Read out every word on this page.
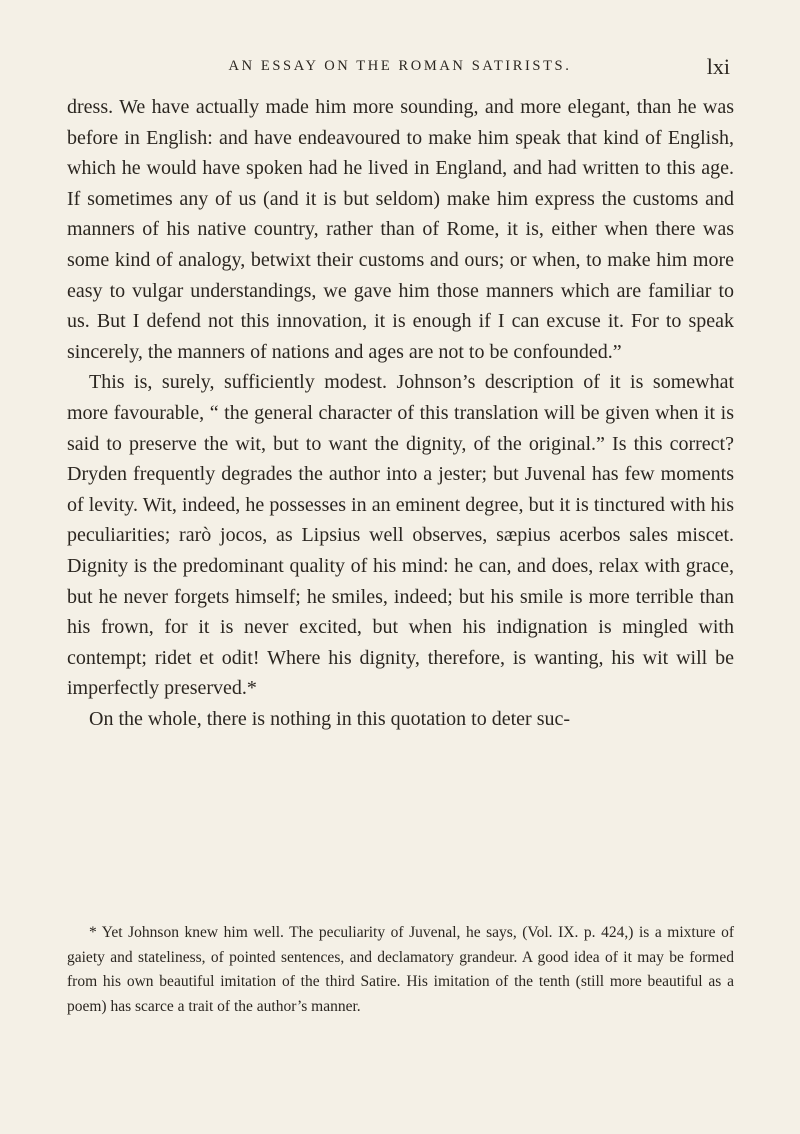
AN ESSAY ON THE ROMAN SATIRISTS.	lxi

dress. We have actually made him more sounding, and more elegant, than he was before in English: and have endeavoured to make him speak that kind of English, which he would have spoken had he lived in England, and had written to this age. If sometimes any of us (and it is but seldom) make him express the customs and manners of his native country, rather than of Rome, it is, either when there was some kind of analogy, betwixt their customs and ours; or when, to make him more easy to vulgar understandings, we gave him those manners which are familiar to us. But I defend not this innovation, it is enough if I can excuse it. For to speak sincerely, the manners of nations and ages are not to be confounded.”

This is, surely, sufficiently modest. Johnson’s description of it is somewhat more favourable, “ the general character of this translation will be given when it is said to preserve the wit, but to want the dignity, of the original.” Is this correct? Dryden frequently degrades the author into a jester; but Juvenal has few moments of levity. Wit, indeed, he possesses in an eminent degree, but it is tinctured with his peculiarities; rarò jocos, as Lipsius well observes, sæpius acerbos sales miscet. Dignity is the predominant quality of his mind: he can, and does, relax with grace, but he never forgets himself; he smiles, indeed; but his smile is more terrible than his frown, for it is never excited, but when his indignation is mingled with contempt; ridet et odit! Where his dignity, therefore, is wanting, his wit will be imperfectly preserved.*

On the whole, there is nothing in this quotation to deter suc-

* Yet Johnson knew him well. The peculiarity of Juvenal, he says, (Vol. IX. p. 424,) is a mixture of gaiety and stateliness, of pointed sentences, and declamatory grandeur. A good idea of it may be formed from his own beautiful imitation of the third Satire. His imitation of the tenth (still more beautiful as a poem) has scarce a trait of the author’s manner.
